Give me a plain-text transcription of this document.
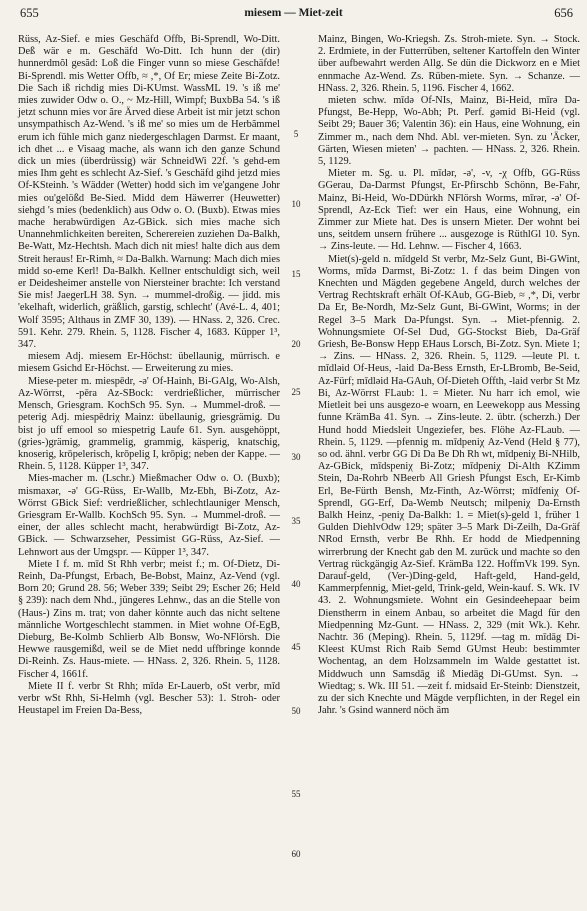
655	miesem — Miet-zeit	656

Rüss, Az-Sief. e mies Geschäfd Offb, Bi-Sprendl, Wo-Ditt. Deß wär e m. Geschäfd Wo-Ditt. Ich hunn der (dir) hunnerdmõl gesãd: Loß die Finger vunn so miese Geschäfde! Bi-Sprendl. mis Wetter Offb, ≈ ,*, Of Er; miese Zeite Bi-Zotz. Die Sach iß richdig mies Di-KUmst. WassML 19. 's iß me' mies zuwider Odw o. O., ~ Mz-Hill, Wimpf; BuxbBa 54. 's iß jetzt schunn mies vor ãre Ärved diese Arbeit ist mir jetzt schon unsympathisch Az-Wend. 's iß me' so mies um de Herbãmmel erum ich fühle mich ganz niedergeschlagen Darmst. Er maant, ich dhet ... e Visaag mache, als wann ich den ganze Schund dick un mies (überdrüssig) wär SchneidWi 22f. 's gehd-em mies Ihm geht es schlecht Az-Sief. 's Geschäfd gihd jetzd mies Of-KSteinh. 's Wädder (Wetter) hodd sich im ve'gangene Johr mies ou'gelößd Be-Sied. Midd dem Häwerrer (Heuwetter) siehgd 's mies (bedenklich) aus Odw o. O. (Buxb). Etwas mies mache herabwürdigen Az-GBick. sich mies mache sich Unannehmlichkeiten bereiten, Scherereien zuziehen Da-Balkh, Be-Watt, Mz-Hechtsh. Mach dich nit mies! halte dich aus dem Streit heraus! Er-Rimh, ≈ Da-Balkh. Warnung: Mach dich mies midd so-eme Kerl! Da-Balkh. Kellner entschuldigt sich, weil er Deidesheimer anstelle von Niersteiner brachte: Ich verstand Sie mis! JaegerLH 38. Syn. → mummel-droßig. — jidd. mis 'ekelhaft, widerlich, gräßlich, garstig, schlecht' (Avé-L. 4, 401; Wolf 3595; Althaus in ZMF 30, 139). — HNass. 2, 326. Crec. 591. Kehr. 279. Rhein. 5, 1128. Fischer 4, 1683. Küpper 1³, 347.

miesem Adj. miesem Er-Höchst: übellaunig, mürrisch. e miesem Gsichd Er-Höchst. — Erweiterung zu mies.

Miese-peter m. miespēdr, -ə' Of-Hainh, Bi-GAlg, Wo-Alsh, Az-Wörrst, -pēra Az-SBock: verdrießlicher, mürrischer Mensch, Griesgram. KochSch 95. Syn. → Mummel-droß. —peterig Adj. miespēdriχ Mainz: übellaunig, griesgrämig. Du bist jo uff emool so miespetrig Laufe 61. Syn. ausgehöppt, (gries-)grämig, grammelig, grammig, käsperig, knatschig, knoserig, krōpelerisch, krōpelig I, krōpig; neben der Kappe. — Rhein. 5, 1128. Küpper 1³, 347.

Mies-macher m. (Lschr.) Mießmacher Odw o. O. (Buxb); mismaxər, -ə' GG-Rüss, Er-Wallb, Mz-Ebh, Bi-Zotz, Az-Wörrst GBick Sief: verdrießlicher, schlechtlauniger Mensch, Griesgram Er-Wallb. KochSch 95. Syn. → Mummel-droß. — einer, der alles schlecht macht, herabwürdigt Bi-Zotz, Az-GBick. — Schwarzseher, Pessimist GG-Rüss, Az-Sief. — Lehnwort aus der Umgspr. — Küpper 1³, 347.

Miete I f. m. mīd St Rhh verbr; meist f.; m. Of-Dietz, Di-Reinh, Da-Pfungst, Erbach, Be-Bobst, Mainz, Az-Vend (vgl. Born 20; Grund 28. 56; Weber 339; Seibt 29; Escher 26; Held § 239): nach dem Nhd., jüngeres Lehnw., das an die Stelle von (Haus-) Zins m. trat; von daher könnte auch das nicht seltene männliche Wortgeschlecht stammen. in Miet wohne Of-EgB, Dieburg, Be-Kolmb Schlierb Alb Bonsw, Wo-NFlörsh. Die Hewwe rausgemißd, weil se de Miet nedd uffbringe konnde Di-Reinh. Zs. Haus-miete. — HNass. 2, 326. Rhein. 5, 1128. Fischer 4, 1661f.

Miete II f. verbr St Rhh; mīdə Er-Lauerb, oSt verbr, mīd verbr wSt Rhh, Si-Helmh (vgl. Bescher 53): 1. Stroh- oder Heustapel im Freien Da-Bess,

5
10
15
20
25
30
35
40
45
50
55
60

Mainz, Bingen, Wo-Kriegsh. Zs. Stroh-miete. Syn. → Stock. 2. Erdmiete, in der Futterrüben, seltener Kartoffeln den Winter über aufbewahrt werden Allg. Se dün die Dickworz en e Miet ennmache Az-Wend. Zs. Rüben-miete. Syn. → Schanze. — HNass. 2, 326. Rhein. 5, 1196. Fischer 4, 1662.

mieten schw. mīdə Of-NIs, Mainz, Bi-Heid, mīrə Da-Pfungst, Be-Hepp, Wo-Abh; Pt. Perf. gəmid Bi-Heid (vgl. Seibt 29; Bauer 36; Valentin 36): ein Haus, eine Wohnung, ein Zimmer m., nach dem Nhd. Abl. ver-mieten. Syn. zu 'Äcker, Gärten, Wiesen mieten' → pachten. — HNass. 2, 326. Rhein. 5, 1129.

Mieter m. Sg. u. Pl. mīdər, -ə', -v, -χ Offb, GG-Rüss GGerau, Da-Darmst Pfungst, Er-Pfirschb Schönn, Be-Fahr, Mainz, Bi-Heid, Wo-DDürkh NFlörsh Worms, mīrər, -ə' Of-Sprendl, Az-Eck Tief: wer ein Haus, eine Wohnung, ein Zimmer zur Miete hat. Des is unsern Mieter. Der wohnt bei uns, seitdem unsern frühere ... ausgezoge is RüthlGl 10. Syn. → Zins-leute. — Hd. Lehnw. — Fischer 4, 1663.

Miet(s)-geld n. mīdgeld St verbr, Mz-Selz Gunt, Bi-GWint, Worms, mīdə Darmst, Bi-Zotz: 1. f das beim Dingen von Knechten und Mägden gegebene Angeld, durch welches der Vertrag Rechtskraft erhält Of-KAub, GG-Bieb, ≈ ,*, Di, verbr Da Er, Be-Nordh, Mz-Selz Gunt, Bi-GWint, Worms; in der Regel 3–5 Mark Da-Pfungst. Syn. → Miet-pfennig. 2. Wohnungsmiete Of-Sel Dud, GG-Stockst Bieb, Da-Gräf Griesh, Be-Bonsw Hepp EHaus Lorsch, Bi-Zotz. Syn. Miete 1; → Zins. — HNass. 2, 326. Rhein. 5, 1129. —leute Pl. t. mīdlәid Of-Heus, -laid Da-Bess Ernsth, Er-LBromb, Be-Seid, Az-Fürf; mīdlәid Ha-GAuh, Of-Dieteh Offth, -laid verbr St Mz Bi, Az-Wörrst FLaub: 1. = Mieter. Nu harr ich emol, wie Mietleit bei uns ausgezo-e woarn, en Leewekopp aus Messing funne KrämBa 41. Syn. → Zins-leute. 2. übtr. (scherzh.) Der Hund hodd Miedsleit Ungeziefer, bes. Flöhe Az-FLaub. — Rhein. 5, 1129. —pfennig m. mīdpeniχ Az-Vend (Held § 77), so od. ähnl. verbr GG Di Da Be Dh Rh wt, mīdpeniχ Bi-NHilb, Az-GBick, mīdspeniχ Bi-Zotz; mīdpeniχ Di-Alth KZimm Stein, Da-Rohrb NBeerb All Griesh Pfungst Esch, Er-Kimb Erl, Be-Fürth Bensh, Mz-Finth, Az-Wörrst; mīdfeniχ Of-Sprendl, GG-Erf, Da-Wemb Neutsch; milpeniχ Da-Ernsth Balkh Heinz, -peniχ Da-Balkh: 1. = Miet(s)-geld 1, früher 1 Gulden DiehlvOdw 129; später 3–5 Mark Di-Zeilh, Da-Gräf NRod Ernsth, verbr Be Rhh. Er hodd de Miedpenning wirrerbrung der Knecht gab den M. zurück und machte so den Vertrag rückgängig Az-Sief. KrämBa 122. HoffmVk 199. Syn. Darauf-geld, (Ver-)Ding-geld, Haft-geld, Hand-geld, Kammerpfennig, Miet-geld, Trink-geld, Wein-kauf. S. Wk. IV 43. 2. Wohnungsmiete. Wohnt ein Gesindeehepaar beim Dienstherrn in einem Anbau, so arbeitet die Magd für den Miedpenning Mz-Gunt. — HNass. 2, 329 (mit Wk.). Kehr. Nachtr. 36 (Meping). Rhein. 5, 1129f. —tag m. mīdāg Di-Kleest KUmst Rich Raib Semd GUmst Heub: bestimmter Wochentag, an dem Holzsammeln im Walde gestattet ist. Middwuch unn Samsdāg iß Miedāg Di-GUmst. Syn. → Wiedtag; s. Wk. III 51. —zeit f. midsaid Er-Steinb: Dienstzeit, zu der sich Knechte und Mägde verpflichten, in der Regel ein Jahr. 's Gsind wannerd nöch äm
